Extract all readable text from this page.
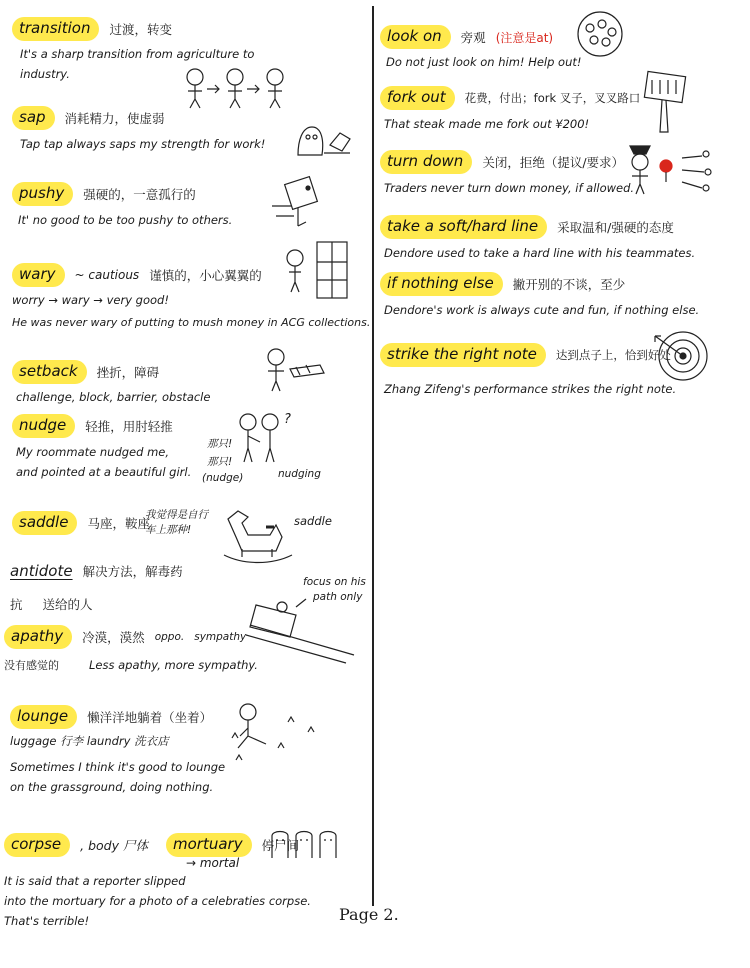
transition	过渡，转变
It's a sharp transition from agriculture to
industry.
sap	消耗精力，使虚弱
Tap tap always saps my strength for work!
pushy	强硬的，一意孤行的
It' no good to be too pushy to others.
wary	~ cautious 谨慎的，小心翼翼的
worry → wary → very good!
He was never wary of putting to mush money in ACG collections.
setback	挫折，障碍
challenge, block, barrier, obstacle
nudge	轻推，用肘轻推
My roommate nudged me,
and pointed at a beautiful girl.
那只!
那只!
(nudge)	nudging
?
saddle	马座，鞍座
我觉得是自行车上那种!
saddle
antidote 解决方法，解毒药
抗 送给的人
apathy	冷漠，漠然 oppo. sympathy
没有感觉的	Less apathy, more sympathy.
focus on his
path only
lounge	懒洋洋地躺着（坐着）
luggage 行李 laundry 洗衣店
Sometimes I think it's good to lounge
on the grassground, doing nothing.
corpse	, body 尸体	mortuary	停尸间
→ mortal
It is said that a reporter slipped
into the mortuary for a photo of a celebraties corpse.
That's terrible!	Page 2.
look on	旁观 (注意是at)
Do not just look on him! Help out!
fork out	花费，付出；fork 叉子，叉叉路口
That steak made me fork out ¥200!
turn down	关闭，拒绝（提议/要求）
Traders never turn down money, if allowed.
take a soft/hard line	采取温和/强硬的态度
Dendore used to take a hard line with his teammates.
if nothing else	撇开别的不谈，至少
Dendore's work is always cute and fun, if nothing else.
strike the right note	达到点子上，恰到好处
Zhang Zifeng's performance strikes the right note.
